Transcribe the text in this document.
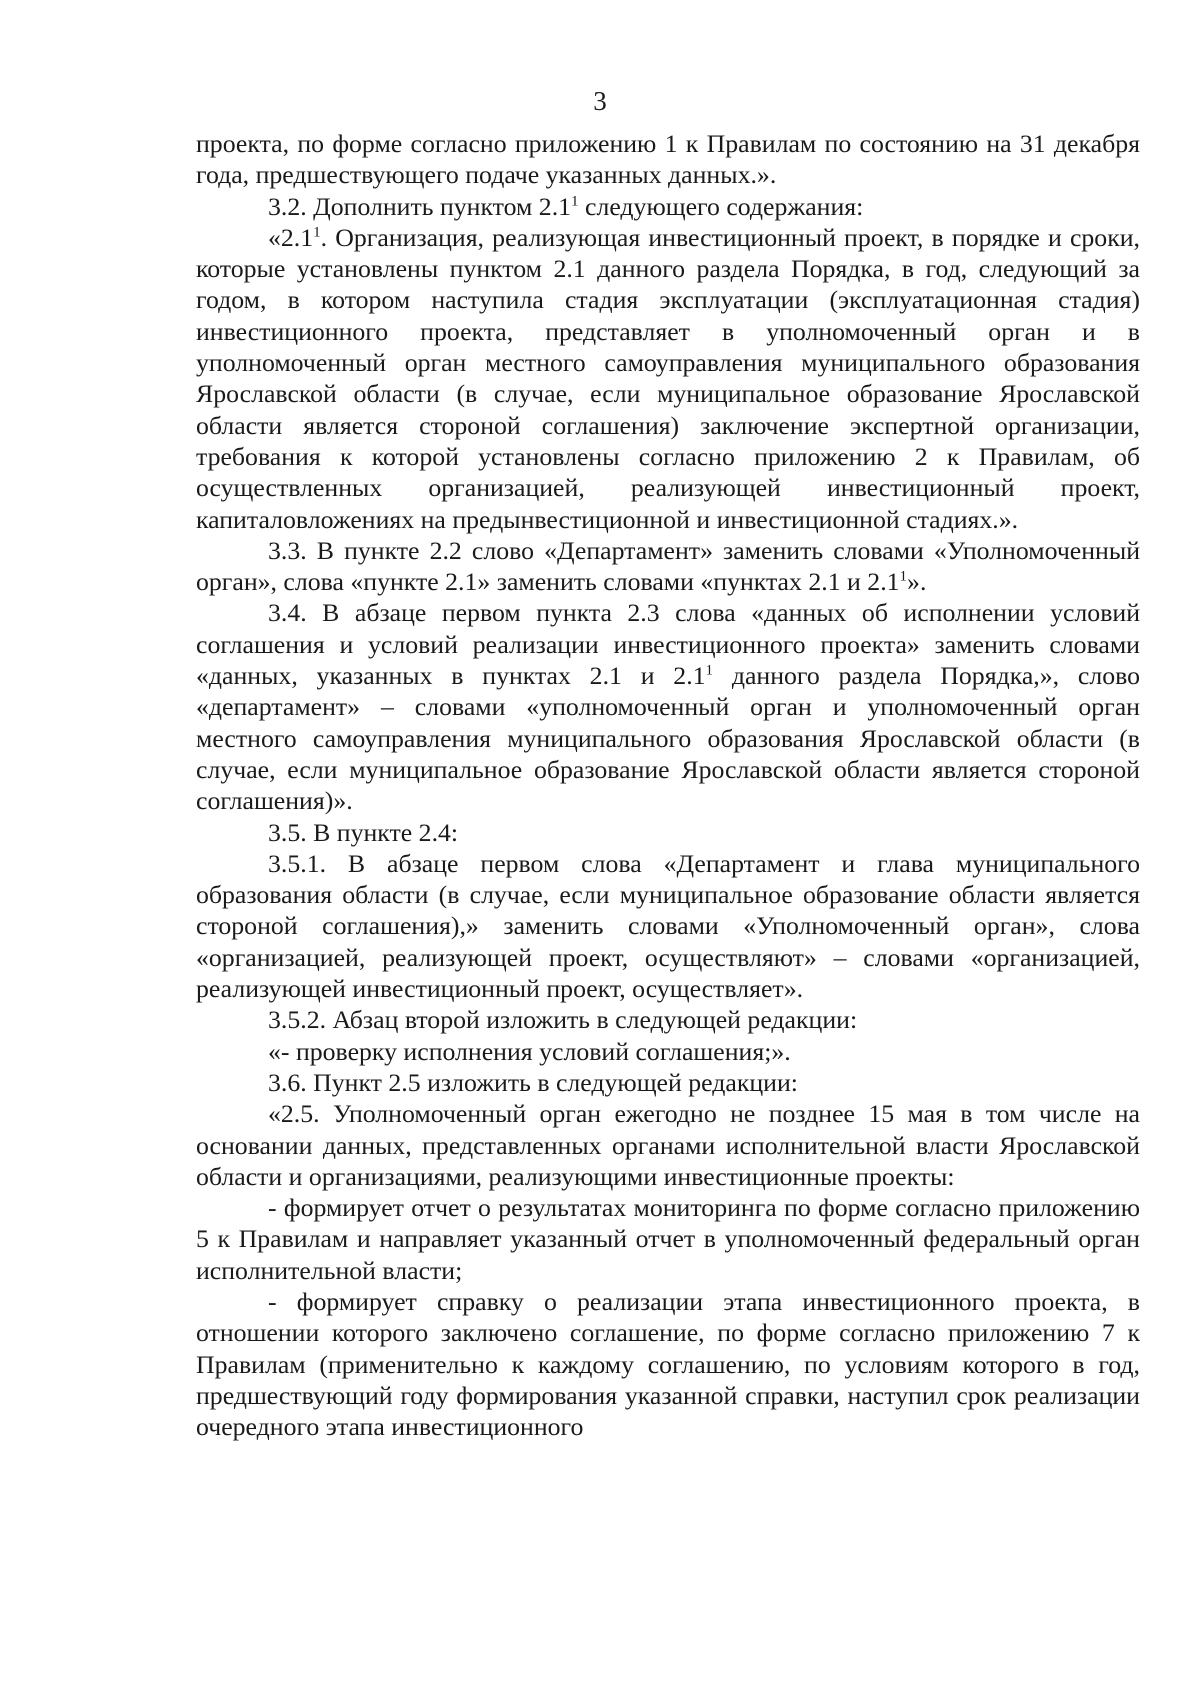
3

проекта, по форме согласно приложению 1 к Правилам по состоянию на 31 декабря года, предшествующего подаче указанных данных.».

3.2. Дополнить пунктом $2.1^1$ следующего содержания:

«$2.1^1$. Организация, реализующая инвестиционный проект, в порядке и сроки, которые установлены пунктом 2.1 данного раздела Порядка, в год, следующий за годом, в котором наступила стадия эксплуатации (эксплуатационная стадия) инвестиционного проекта, представляет в уполномоченный орган и в уполномоченный орган местного самоуправления муниципального образования Ярославской области (в случае, если муниципальное образование Ярославской области является стороной соглашения) заключение экспертной организации, требования к которой установлены согласно приложению 2 к Правилам, об осуществленных организацией, реализующей инвестиционный проект, капиталовложениях на предынвестиционной и инвестиционной стадиях.».

3.3. В пункте 2.2 слово «Департамент» заменить словами «Уполномоченный орган», слова «пункте 2.1» заменить словами «пунктах 2.1 и $2.1^1$».

3.4. В абзаце первом пункта 2.3 слова «данных об исполнении условий соглашения и условий реализации инвестиционного проекта» заменить словами «данных, указанных в пунктах 2.1 и $2.1^1$ данного раздела Порядка,», слово «департамент» – словами «уполномоченный орган и уполномоченный орган местного самоуправления муниципального образования Ярославской области (в случае, если муниципальное образование Ярославской области является стороной соглашения)».

3.5. В пункте 2.4:

3.5.1. В абзаце первом слова «Департамент и глава муниципального образования области (в случае, если муниципальное образование области является стороной соглашения),» заменить словами «Уполномоченный орган», слова «организацией, реализующей проект, осуществляют» – словами «организацией, реализующей инвестиционный проект, осуществляет».

3.5.2. Абзац второй изложить в следующей редакции:

«- проверку исполнения условий соглашения;».

3.6. Пункт 2.5 изложить в следующей редакции:

«2.5. Уполномоченный орган ежегодно не позднее 15 мая в том числе на основании данных, представленных органами исполнительной власти Ярославской области и организациями, реализующими инвестиционные проекты:

- формирует отчет о результатах мониторинга по форме согласно приложению 5 к Правилам и направляет указанный отчет в уполномоченный федеральный орган исполнительной власти;

- формирует справку о реализации этапа инвестиционного проекта, в отношении которого заключено соглашение, по форме согласно приложению 7 к Правилам (применительно к каждому соглашению, по условиям которого в год, предшествующий году формирования указанной справки, наступил срок реализации очередного этапа инвестиционного
